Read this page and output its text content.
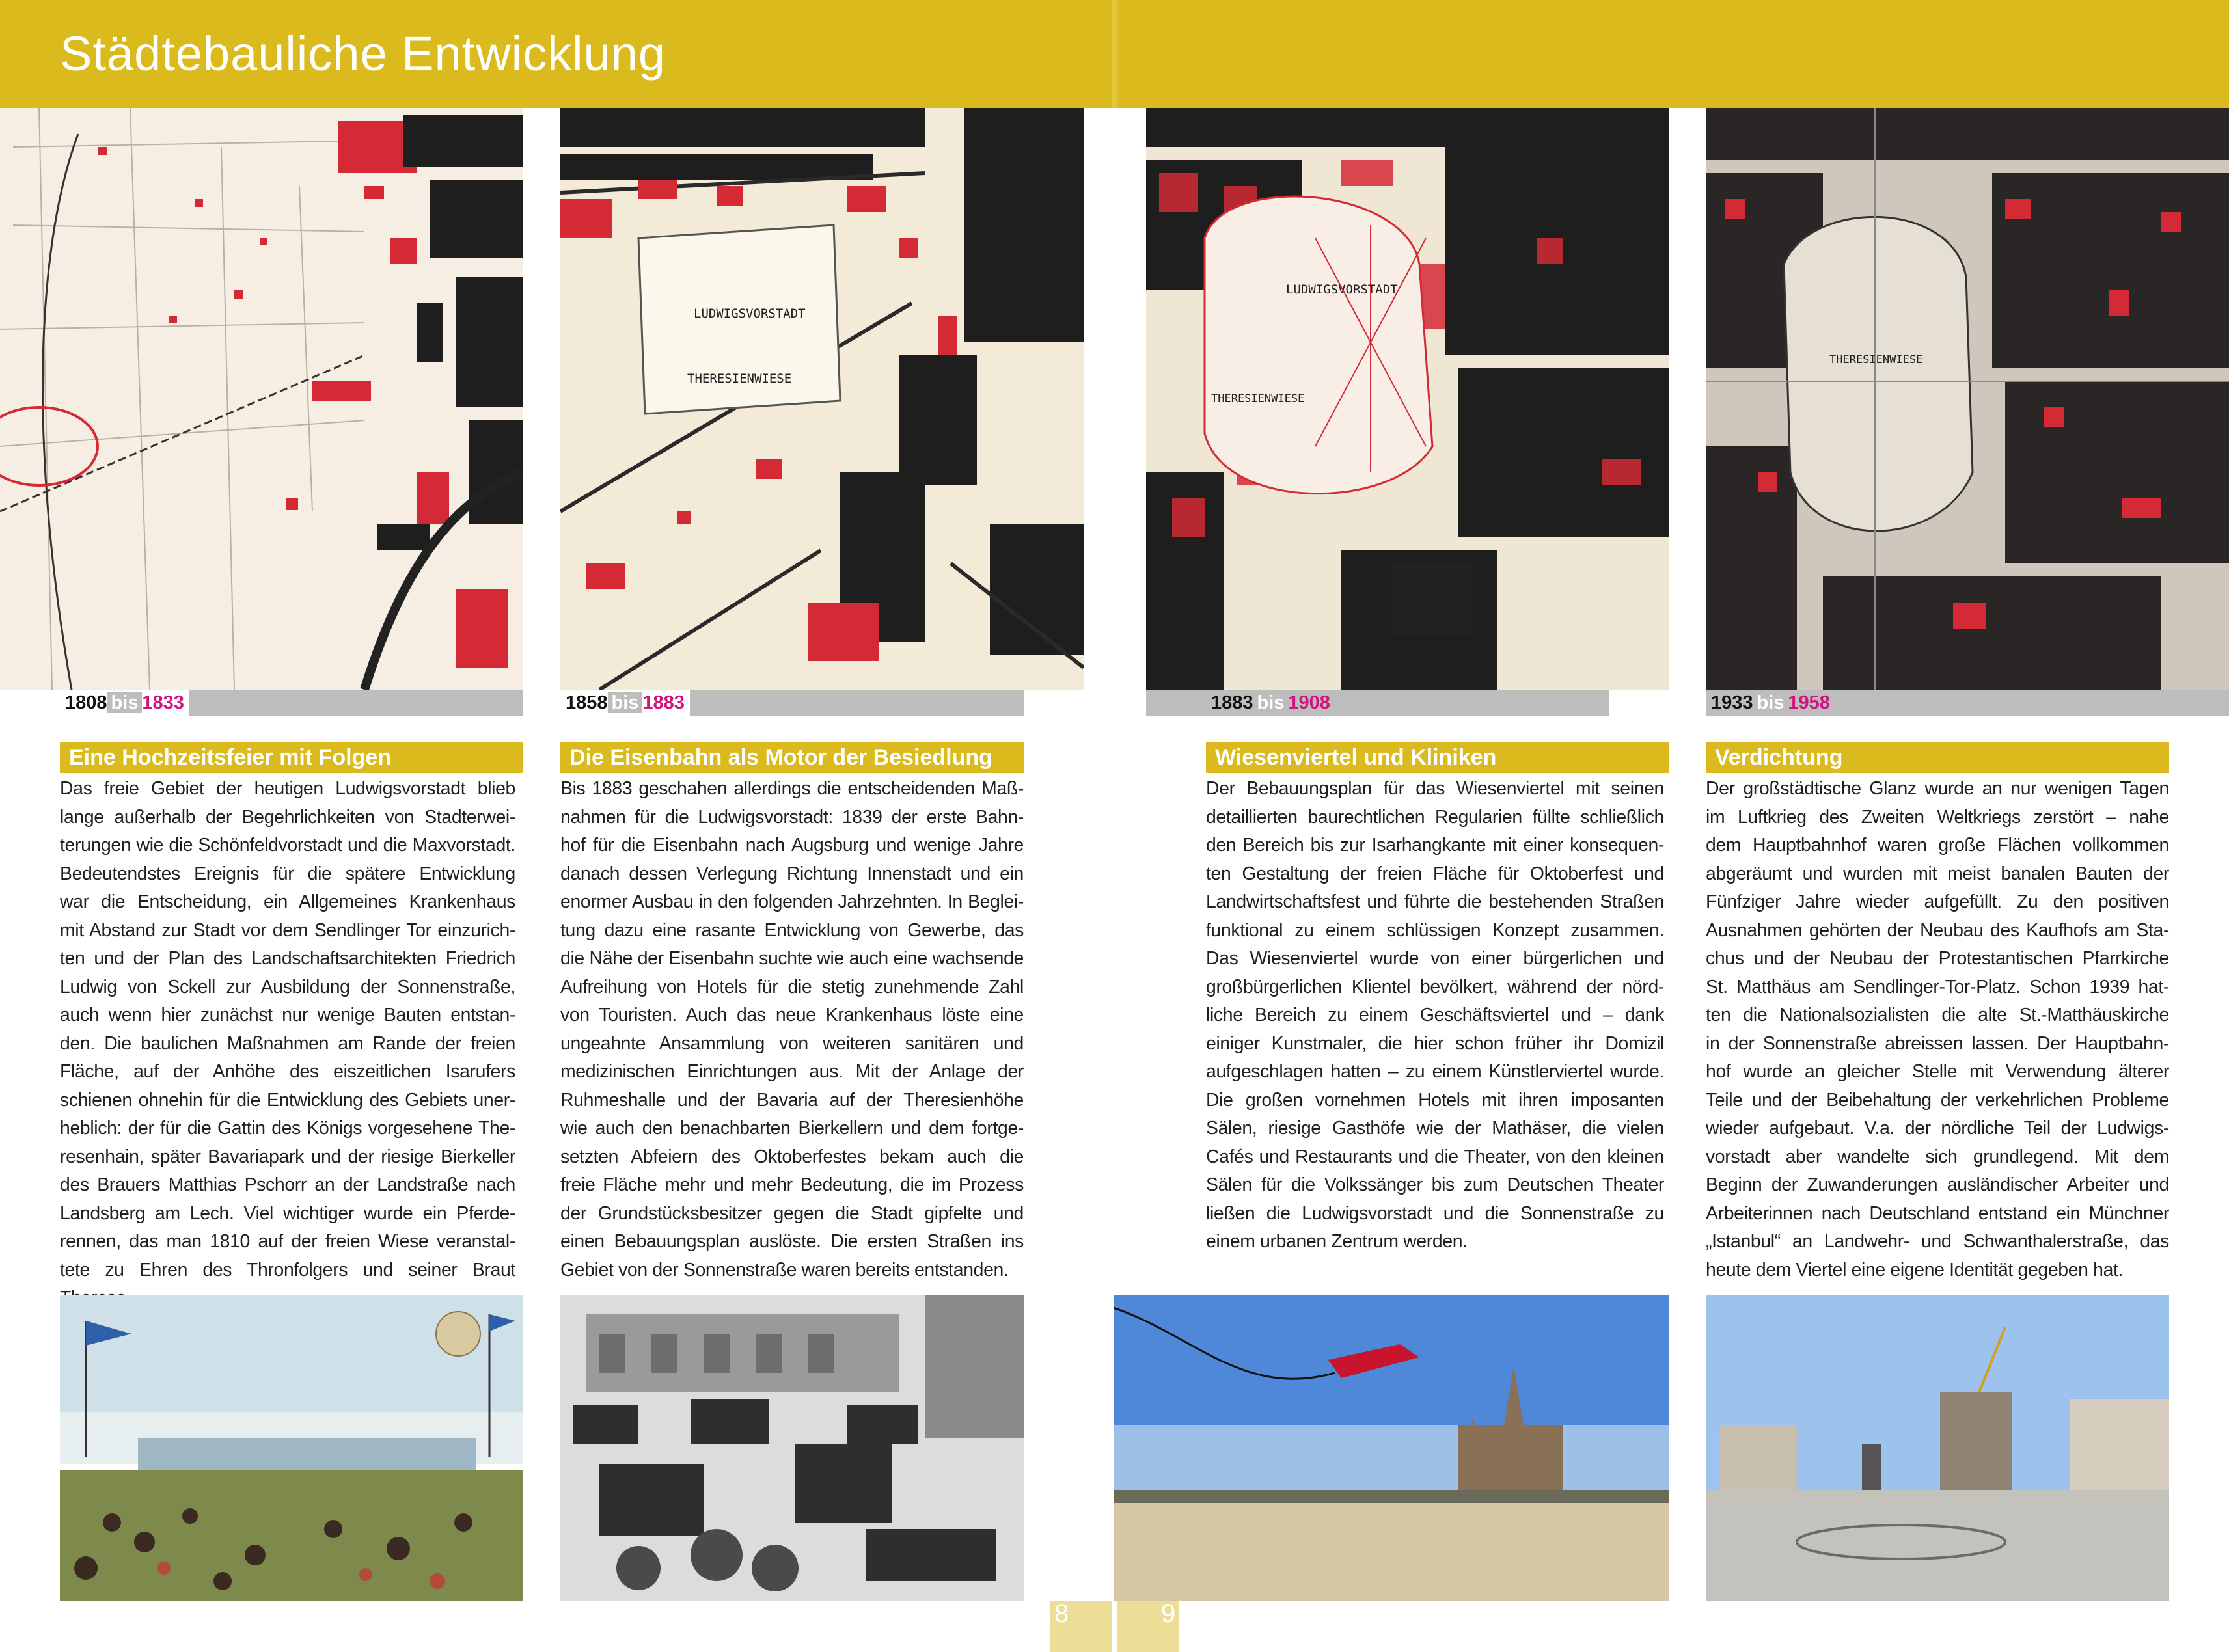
Städtebauliche Entwicklung
LUDWIGSVORSTADT
THERESIENWIESE
LUDWIGSVORSTADT
THERESIENWIESE
THERESIENWIESE
1808 bis 1833	1858 bis 1883	1883 bis 1908	1933 bis 1958
Eine Hochzeitsfeier mit Folgen	Die Eisenbahn als Motor der Besiedlung	Wiesenviertel und Kliniken	Verdichtung
Das freie Gebiet der heutigen Ludwigsvorstadt blieb
lange außerhalb der Begehrlichkeiten von Stadterwei-
terungen wie die Schönfeldvorstadt und die Maxvorstadt.
Bedeutendstes Ereignis für die spätere Entwicklung
war die Entscheidung, ein Allgemeines Krankenhaus
mit Abstand zur Stadt vor dem Sendlinger Tor einzurich-
ten und der Plan des Landschaftsarchitekten Friedrich
Ludwig von Sckell zur Ausbildung der Sonnenstraße,
auch wenn hier zunächst nur wenige Bauten entstan-
den. Die baulichen Maßnahmen am Rande der freien
Fläche, auf der Anhöhe des eiszeitlichen Isarufers
schienen ohnehin für die Entwicklung des Gebiets uner-
heblich: der für die Gattin des Königs vorgesehene The-
resenhain, später Bavariapark und der riesige Bierkeller
des Brauers Matthias Pschorr an der Landstraße nach
Landsberg am Lech. Viel wichtiger wurde ein Pferde-
rennen, das man 1810 auf der freien Wiese veranstal-
tete zu Ehren des Thronfolgers und seiner Braut
Bis 1883 geschahen allerdings die entscheidenden Maß-
nahmen für die Ludwigsvorstadt: 1839 der erste Bahn-
hof für die Eisenbahn nach Augsburg und wenige Jahre
danach dessen Verlegung Richtung Innenstadt und ein
enormer Ausbau in den folgenden Jahrzehnten. In Beglei-
tung dazu eine rasante Entwicklung von Gewerbe, das
die Nähe der Eisenbahn suchte wie auch eine wachsende
Aufreihung von Hotels für die stetig zunehmende Zahl
von Touristen. Auch das neue Krankenhaus löste eine
ungeahnte Ansammlung von weiteren sanitären und
medizinischen Einrichtungen aus. Mit der Anlage der
Ruhmeshalle und der Bavaria auf der Theresienhöhe
wie auch den benachbarten Bierkellern und dem fortge-
setzten Abfeiern des Oktoberfestes bekam auch die
freie Fläche mehr und mehr Bedeutung, die im Prozess
der Grundstücksbesitzer gegen die Stadt gipfelte und
einen Bebauungsplan auslöste. Die ersten Straßen ins
Gebiet von der Sonnenstraße waren bereits entstanden.
Der Bebauungsplan für das Wiesenviertel mit seinen
detaillierten baurechtlichen Regularien füllte schließlich
den Bereich bis zur Isarhangkante mit einer konsequen-
ten Gestaltung der freien Fläche für Oktoberfest und
Landwirtschaftsfest und führte die bestehenden Straßen
funktional zu einem schlüssigen Konzept zusammen.
Das Wiesenviertel wurde von einer bürgerlichen und
großbürgerlichen Klientel bevölkert, während der nörd-
liche Bereich zu einem Geschäftsviertel und – dank
einiger Kunstmaler, die hier schon früher ihr Domizil
aufgeschlagen hatten – zu einem Künstlerviertel wurde.
Die großen vornehmen Hotels mit ihren imposanten
Sälen, riesige Gasthöfe wie der Mathäser, die vielen
Cafés und Restaurants und die Theater, von den kleinen
Sälen für die Volkssänger bis zum Deutschen Theater
ließen die Ludwigsvorstadt und die Sonnenstraße zu
einem urbanen Zentrum werden.
Der großstädtische Glanz wurde an nur wenigen Tagen
im Luftkrieg des Zweiten Weltkriegs zerstört – nahe
dem Hauptbahnhof waren große Flächen vollkommen
abgeräumt und wurden mit meist banalen Bauten der
Fünfziger Jahre wieder aufgefüllt. Zu den positiven
Ausnahmen gehörten der Neubau des Kaufhofs am Sta-
chus und der Neubau der Protestantischen Pfarrkirche
St. Matthäus am Sendlinger-Tor-Platz. Schon 1939 hat-
ten die Nationalsozialisten die alte St.-Matthäuskirche
in der Sonnenstraße abreissen lassen. Der Hauptbahn-
hof wurde an gleicher Stelle mit Verwendung älterer
Teile und der Beibehaltung der verkehrlichen Probleme
wieder aufgebaut. V.a. der nördliche Teil der Ludwigs-
vorstadt aber wandelte sich grundlegend. Mit dem
Beginn der Zuwanderungen ausländischer Arbeiter und
Arbeiterinnen nach Deutschland entstand ein Münchner
„Istanbul“ an Landwehr- und Schwanthalerstraße, das
heute dem Viertel eine eigene Identität gegeben hat.
8	9
